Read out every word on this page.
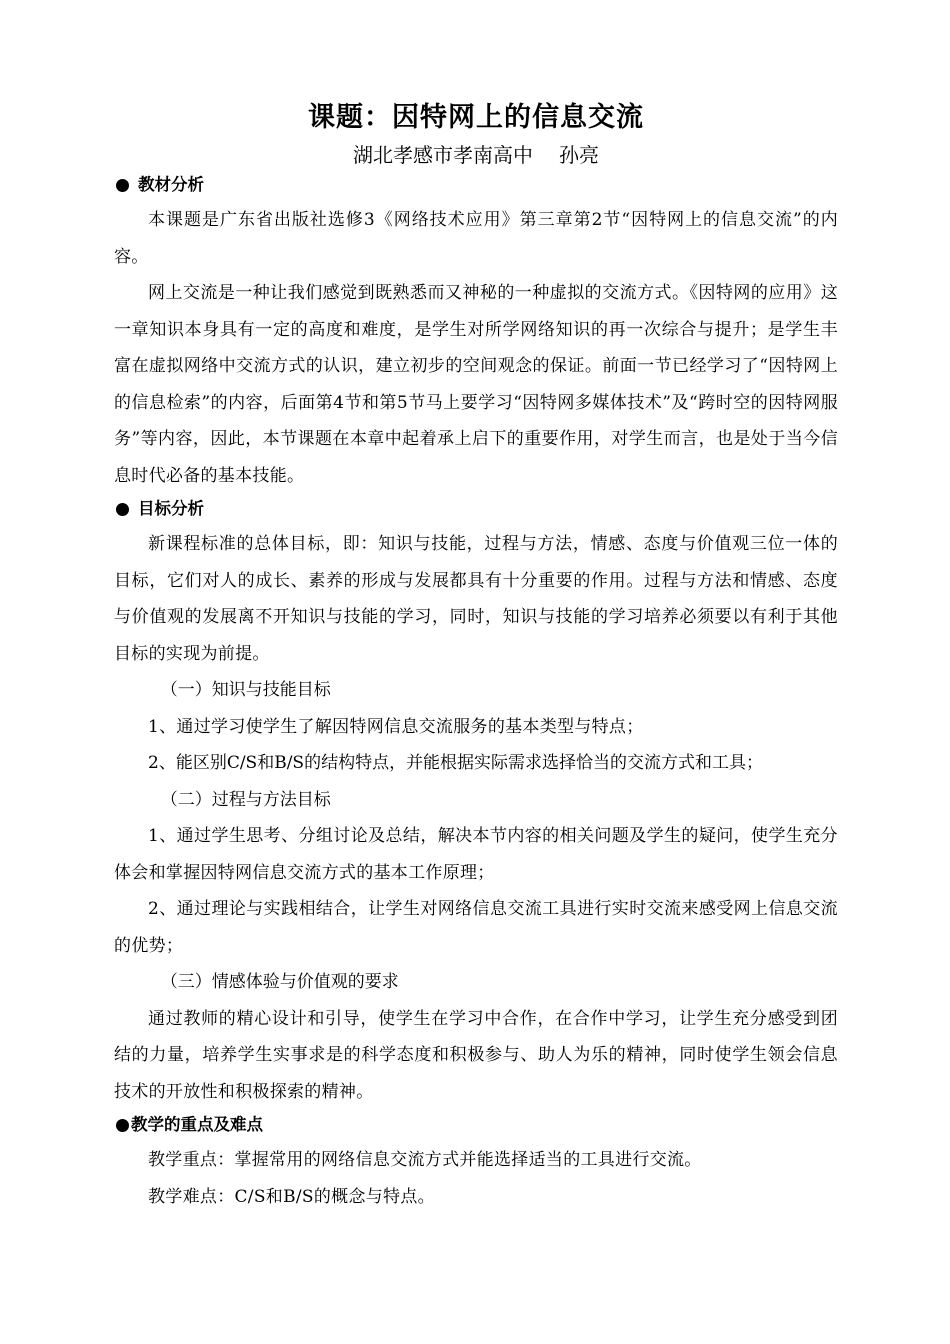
课题：因特网上的信息交流
湖北孝感市孝南高中 孙亮
教材分析
本课题是广东省出版社选修3《网络技术应用》第三章第2节“因特网上的信息交流”的内容。
网上交流是一种让我们感觉到既熟悉而又神秘的一种虚拟的交流方式。《因特网的应用》这一章知识本身具有一定的高度和难度，是学生对所学网络知识的再一次综合与提升；是学生丰富在虚拟网络中交流方式的认识，建立初步的空间观念的保证。前面一节已经学习了“因特网上的信息检索”的内容，后面第4节和第5节马上要学习“因特网多媒体技术”及“跨时空的因特网服务”等内容，因此，本节课题在本章中起着承上启下的重要作用，对学生而言，也是处于当今信息时代必备的基本技能。
目标分析
新课程标准的总体目标，即：知识与技能，过程与方法，情感、态度与价值观三位一体的目标，它们对人的成长、素养的形成与发展都具有十分重要的作用。过程与方法和情感、态度与价值观的发展离不开知识与技能的学习，同时，知识与技能的学习培养必须要以有利于其他目标的实现为前提。
（一）知识与技能目标
1、通过学习使学生了解因特网信息交流服务的基本类型与特点；
2、能区别C/S和B/S的结构特点，并能根据实际需求选择恰当的交流方式和工具；
（二）过程与方法目标
1、通过学生思考、分组讨论及总结，解决本节内容的相关问题及学生的疑问，使学生充分体会和掌握因特网信息交流方式的基本工作原理；
2、通过理论与实践相结合，让学生对网络信息交流工具进行实时交流来感受网上信息交流的优势；
（三）情感体验与价值观的要求
通过教师的精心设计和引导，使学生在学习中合作，在合作中学习，让学生充分感受到团结的力量，培养学生实事求是的科学态度和积极参与、助人为乐的精神，同时使学生领会信息技术的开放性和积极探索的精神。
教学的重点及难点
教学重点：掌握常用的网络信息交流方式并能选择适当的工具进行交流。
教学难点：C/S和B/S的概念与特点。
